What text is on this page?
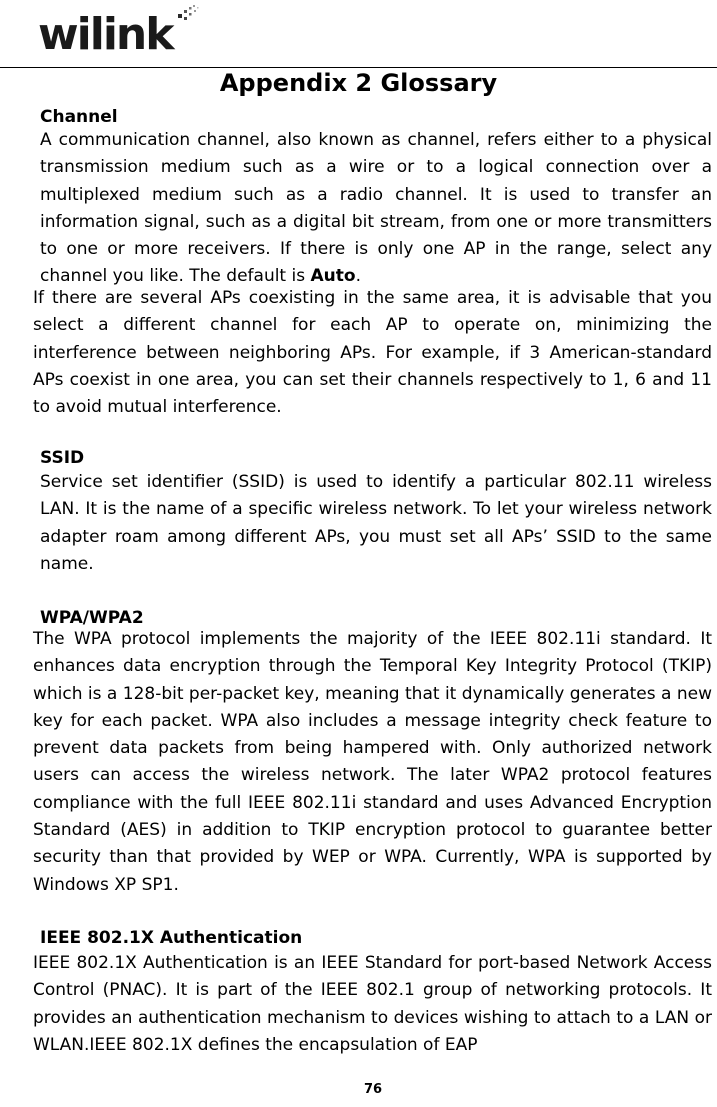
wilink
Appendix 2 Glossary
Channel

A communication channel, also known as channel, refers either to a physical transmission medium such as a wire or to a logical connection over a multiplexed medium such as a radio channel. It is used to transfer an information signal, such as a digital bit stream, from one or more transmitters to one or more receivers. If there is only one AP in the range, select any channel you like. The default is Auto.

If there are several APs coexisting in the same area, it is advisable that you select a different channel for each AP to operate on, minimizing the interference between neighboring APs. For example, if 3 American-standard APs coexist in one area, you can set their channels respectively to 1, 6 and 11 to avoid mutual interference.

SSID

Service set identifier (SSID) is used to identify a particular 802.11 wireless LAN. It is the name of a specific wireless network. To let your wireless network adapter roam among different APs, you must set all APs’ SSID to the same name.

WPA/WPA2

The WPA protocol implements the majority of the IEEE 802.11i standard. It enhances data encryption through the Temporal Key Integrity Protocol (TKIP) which is a 128-bit per-packet key, meaning that it dynamically generates a new key for each packet. WPA also includes a message integrity check feature to prevent data packets from being hampered with. Only authorized network users can access the wireless network. The later WPA2 protocol features compliance with the full IEEE 802.11i standard and uses Advanced Encryption Standard (AES) in addition to TKIP encryption protocol to guarantee better security than that provided by WEP or WPA. Currently, WPA is supported by Windows XP SP1.

IEEE 802.1X Authentication

IEEE 802.1X Authentication is an IEEE Standard for port-based Network Access Control (PNAC). It is part of the IEEE 802.1 group of networking protocols. It provides an authentication mechanism to devices wishing to attach to a LAN or WLAN.IEEE 802.1X defines the encapsulation of EAP

76
